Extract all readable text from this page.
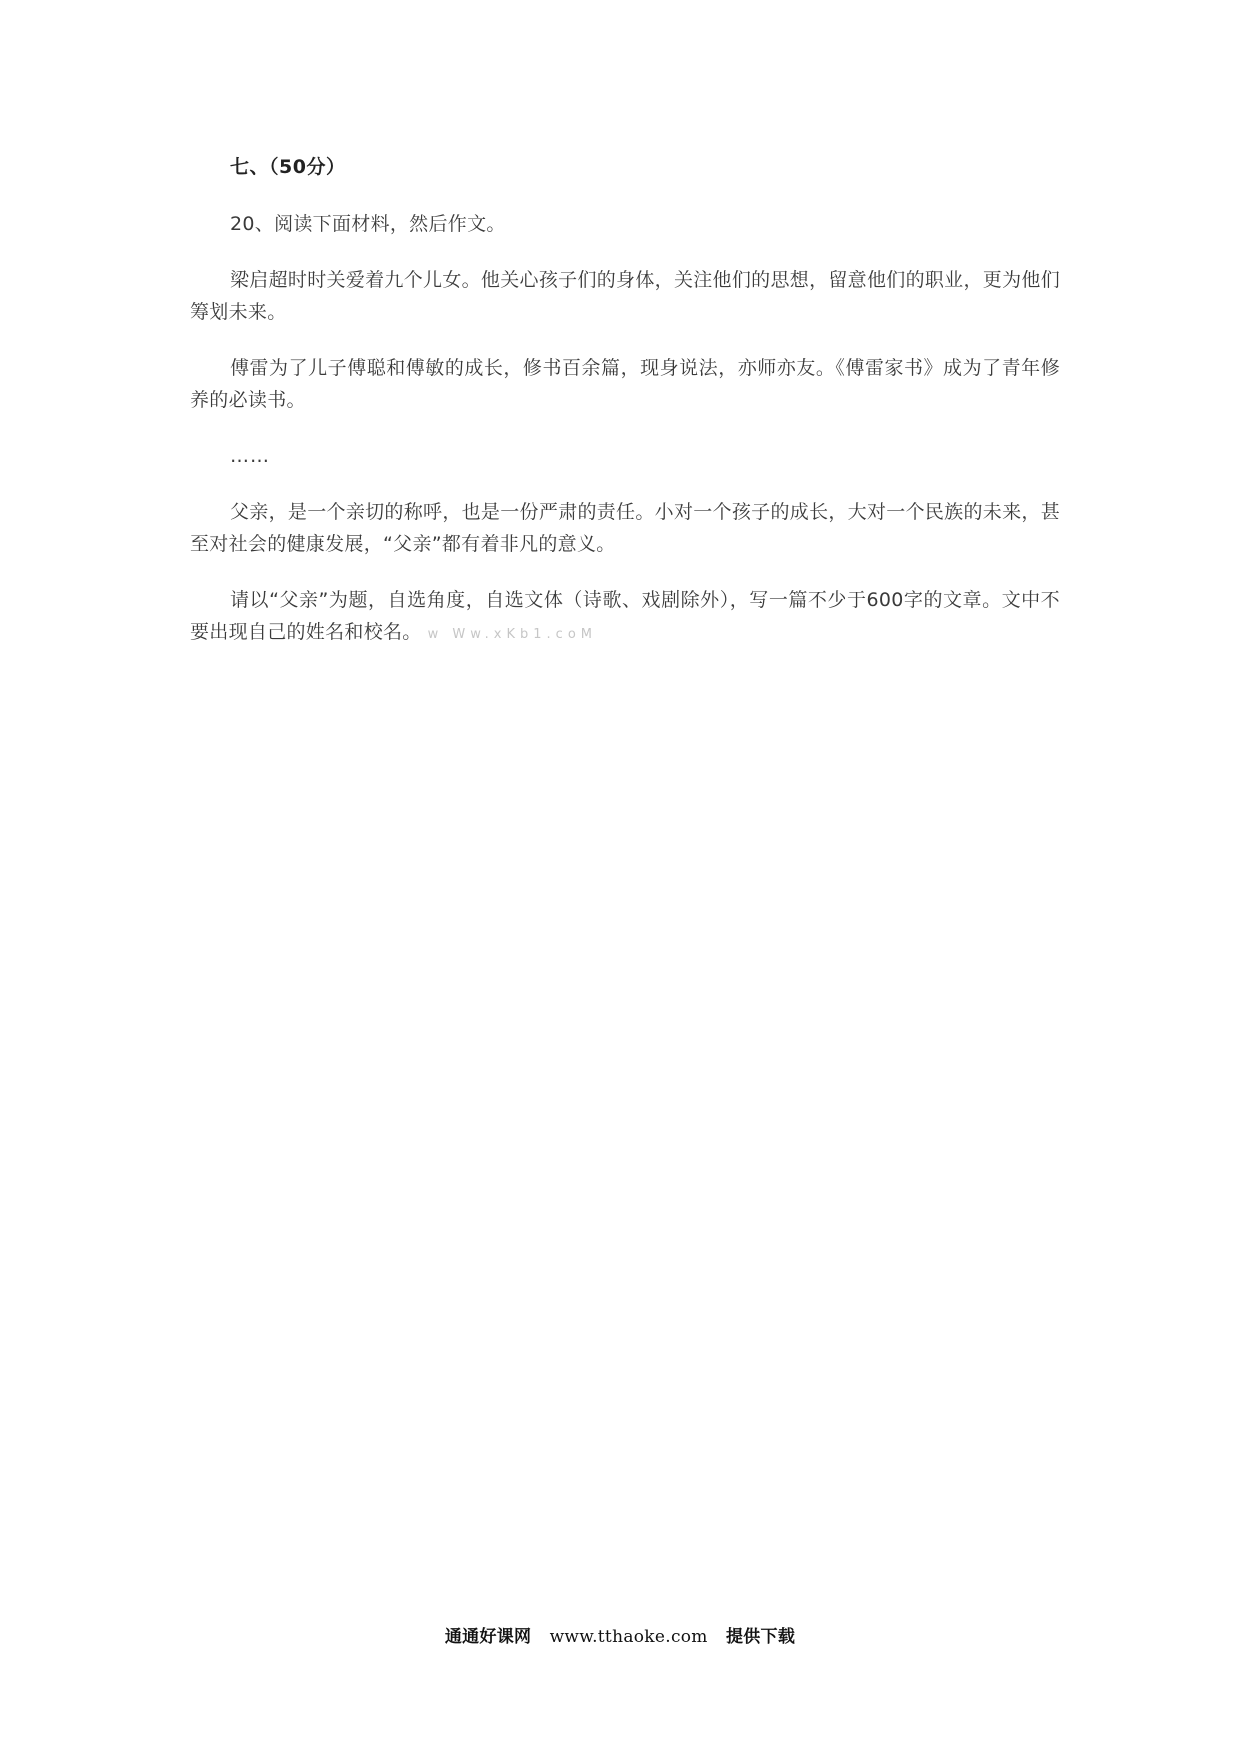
七、（50分）

20、阅读下面材料，然后作文。

梁启超时时关爱着九个儿女。他关心孩子们的身体，关注他们的思想，留意他们的职业，更为他们筹划未来。

傅雷为了儿子傅聪和傅敏的成长，修书百余篇，现身说法，亦师亦友。《傅雷家书》成为了青年修养的必读书。

……

父亲，是一个亲切的称呼，也是一份严肃的责任。小对一个孩子的成长，大对一个民族的未来，甚至对社会的健康发展，“父亲”都有着非凡的意义。

请以“父亲”为题，自选角度，自选文体（诗歌、戏剧除外），写一篇不少于600字的文章。文中不要出现自己的姓名和校名。 w Ww.xKb1.coM

通通好课网 www.tthaoke.com 提供下载
